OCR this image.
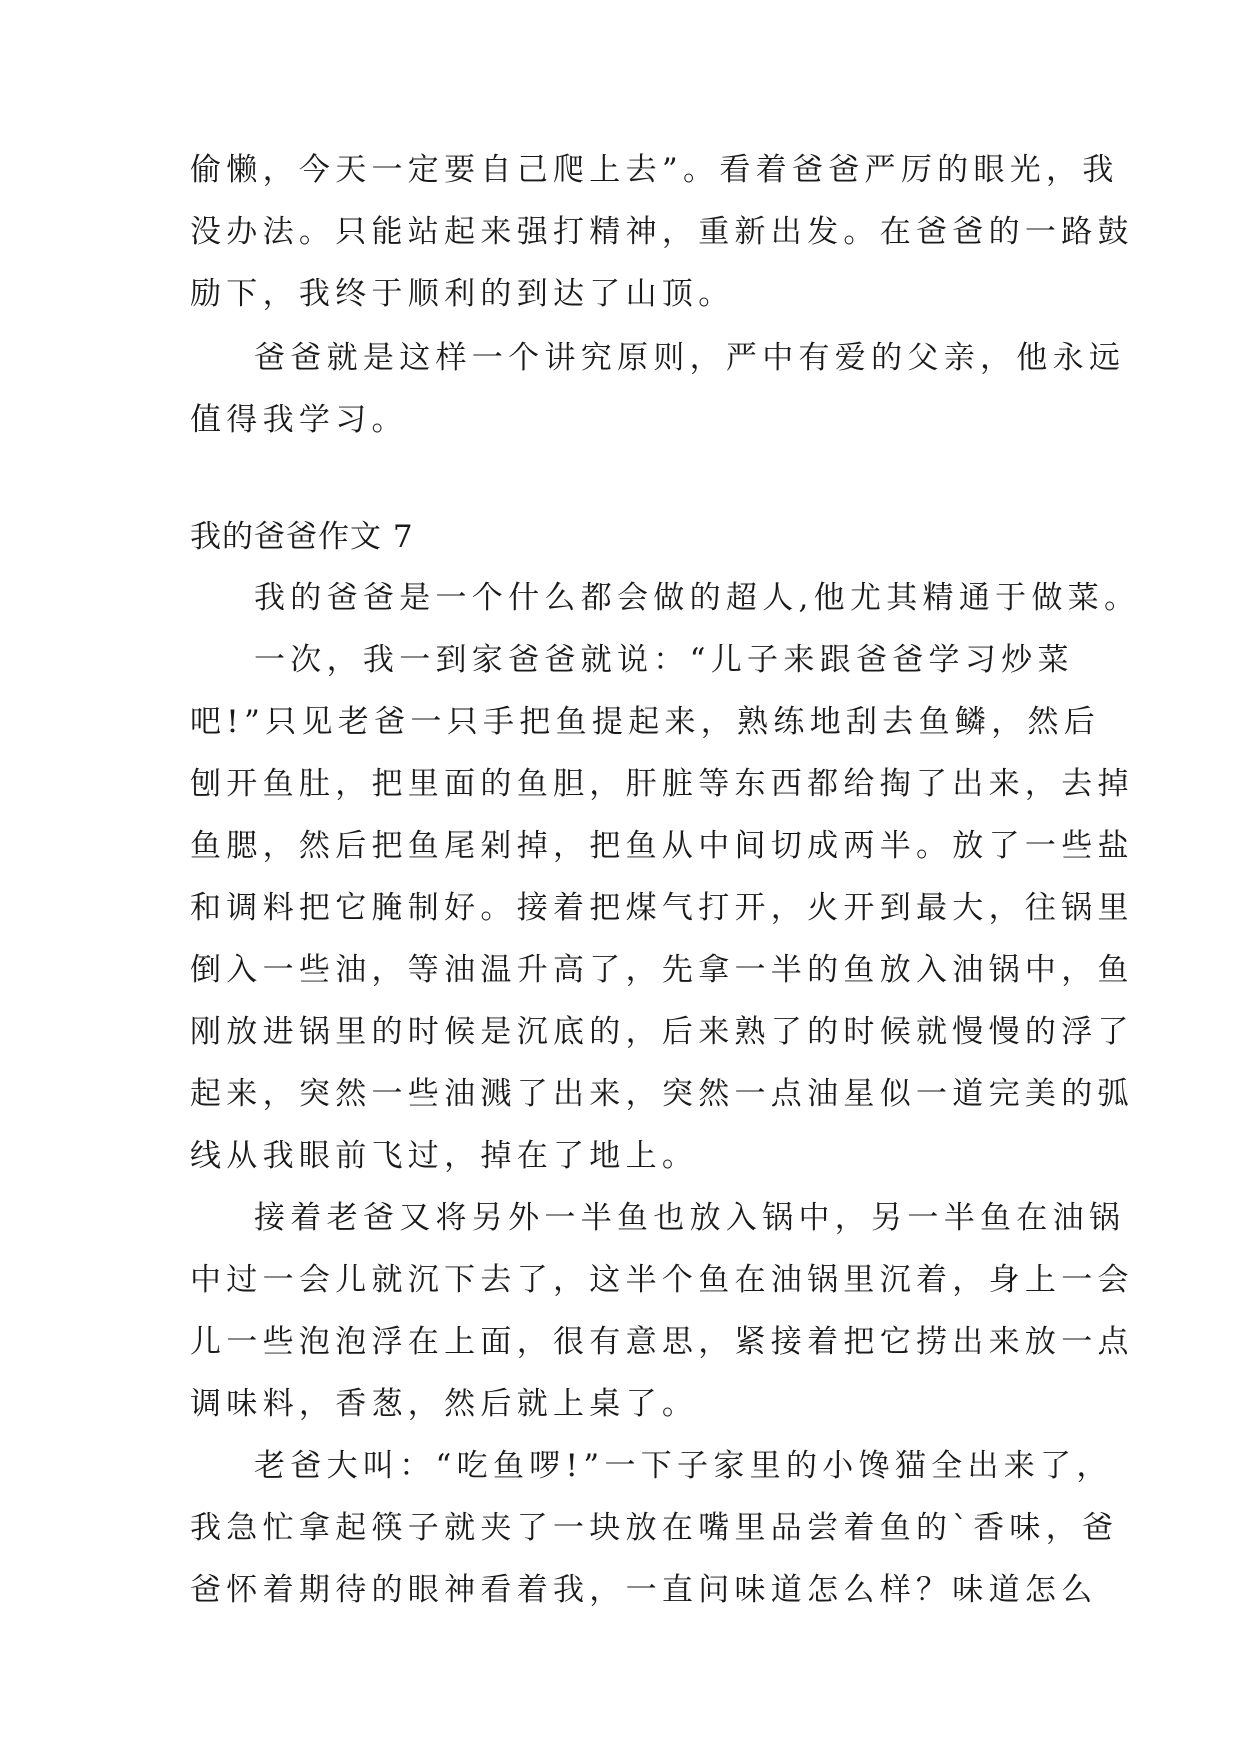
偷懒，今天一定要自己爬上去”。看着爸爸严厉的眼光，我
没办法。只能站起来强打精神，重新出发。在爸爸的一路鼓
励下，我终于顺利的到达了山顶。
爸爸就是这样一个讲究原则，严中有爱的父亲，他永远
值得我学习。
我的爸爸作文 7
我的爸爸是一个什么都会做的超人,他尤其精通于做菜。
一次，我一到家爸爸就说：“儿子来跟爸爸学习炒菜
吧!”只见老爸一只手把鱼提起来，熟练地刮去鱼鳞，然后
刨开鱼肚，把里面的鱼胆，肝脏等东西都给掏了出来，去掉
鱼腮，然后把鱼尾剁掉，把鱼从中间切成两半。放了一些盐
和调料把它腌制好。接着把煤气打开，火开到最大，往锅里
倒入一些油，等油温升高了，先拿一半的鱼放入油锅中，鱼
刚放进锅里的时候是沉底的，后来熟了的时候就慢慢的浮了
起来，突然一些油溅了出来，突然一点油星似一道完美的弧
线从我眼前飞过，掉在了地上。
接着老爸又将另外一半鱼也放入锅中，另一半鱼在油锅
中过一会儿就沉下去了，这半个鱼在油锅里沉着，身上一会
儿一些泡泡浮在上面，很有意思，紧接着把它捞出来放一点
调味料，香葱，然后就上桌了。
老爸大叫：“吃鱼啰!”一下子家里的小馋猫全出来了，
我急忙拿起筷子就夹了一块放在嘴里品尝着鱼的`香味，爸
爸怀着期待的眼神看着我，一直问味道怎么样？味道怎么
